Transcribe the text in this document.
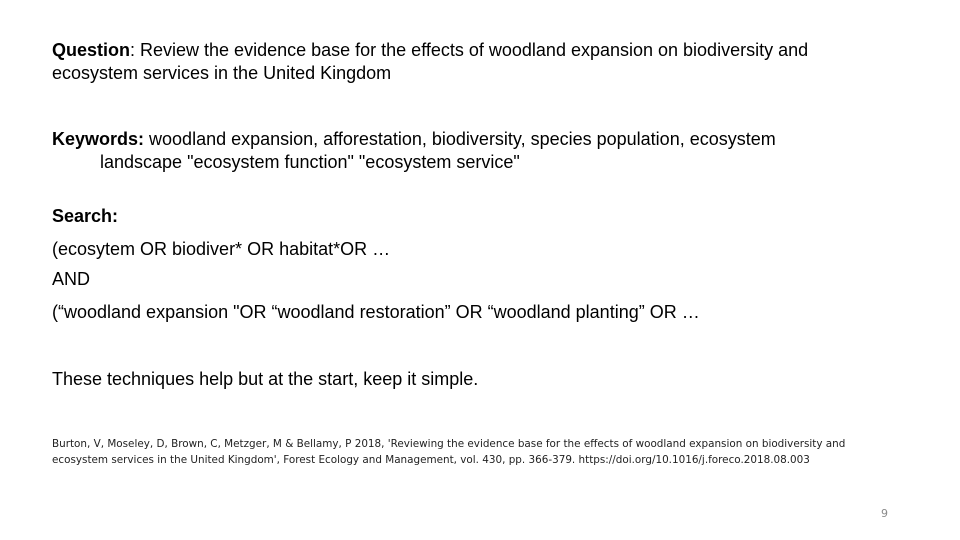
Question: Review the evidence base for the effects of woodland expansion on biodiversity and
ecosystem services in the United Kingdom
Keywords: woodland expansion, afforestation, biodiversity, species population, ecosystem
landscape "ecosystem function" "ecosystem service"
Search:
(ecosytem OR biodiver* OR habitat*OR …
AND
(“woodland expansion "OR “woodland restoration” OR “woodland planting” OR …
These techniques help but at the start, keep it simple.
Burton, V, Moseley, D, Brown, C, Metzger, M & Bellamy, P 2018, 'Reviewing the evidence base for the effects of woodland expansion on biodiversity and
ecosystem services in the United Kingdom', Forest Ecology and Management, vol. 430, pp. 366-379. https://doi.org/10.1016/j.foreco.2018.08.003
9
